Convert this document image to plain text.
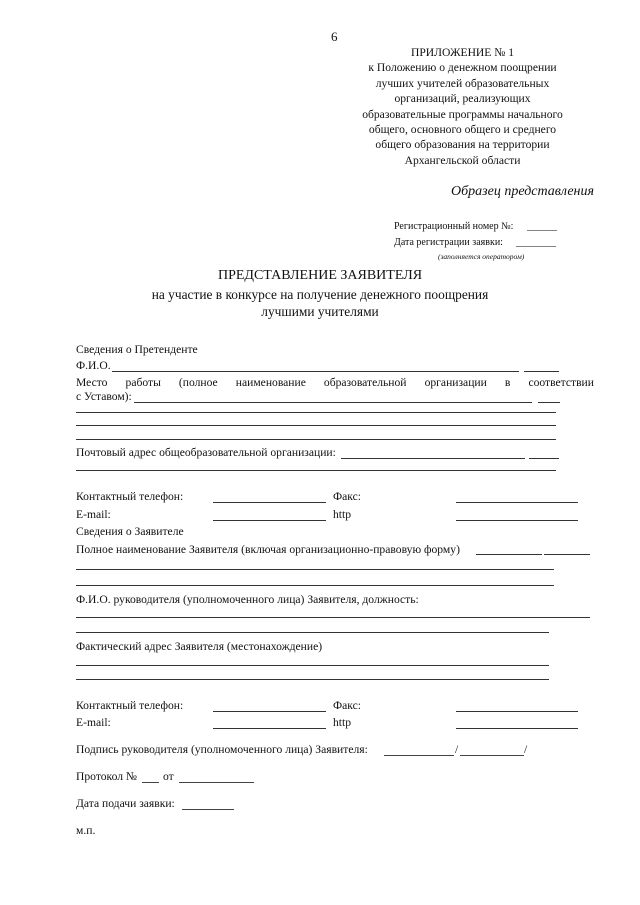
6
ПРИЛОЖЕНИЕ № 1
к Положению о денежном поощрении
лучших учителей образовательных
организаций, реализующих
образовательные программы начального
общего, основного общего и среднего
общего образования на территории
Архангельской области
Образец представления
Регистрационный номер №: ______
Дата регистрации заявки: ________
(заполняется оператором)
ПРЕДСТАВЛЕНИЕ ЗАЯВИТЕЛЯ
на участие в конкурсе на получение денежного поощрения
лучшими учителями
Сведения о Претенденте
Ф.И.О.
Место работы (полное наименование образовательной организации в соответствии
с Уставом):
Почтовый адрес общеобразовательной организации:
Контактный телефон:	Факс:
E-mail:	http
Сведения о Заявителе
Полное наименование Заявителя (включая организационно-правовую форму)
Ф.И.О. руководителя (уполномоченного лица) Заявителя, должность:
Фактический адрес Заявителя (местонахождение)
Контактный телефон:	Факс:
E-mail:	http
Подпись руководителя (уполномоченного лица) Заявителя:	/	/
Протокол № от
Дата подачи заявки:
м.п.
